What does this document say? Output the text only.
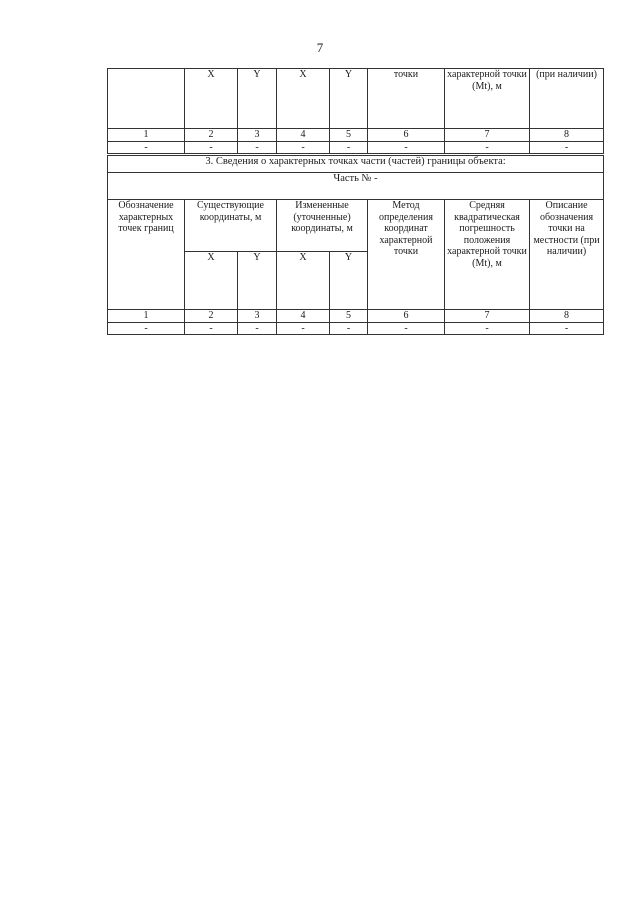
7
	X	Y	X	Y	точки	характерной точки (Mt), м	(при наличии)
1	2	3	4	5	6	7	8
-	-	-	-	-	-	-	-
3. Сведения о характерных точках части (частей) границы объекта:							
Часть № -							
Обозначение характерных точек границ	Существующие координаты, м		Измененные (уточненные) координаты, м		Метод определения координат характерной точки	Средняя квадратическая погрешность положения характерной точки (Mt), м	Описание обозначения точки на местности (при наличии)
	X	Y	X	Y			
1	2	3	4	5	6	7	8
-	-	-	-	-	-	-	-
